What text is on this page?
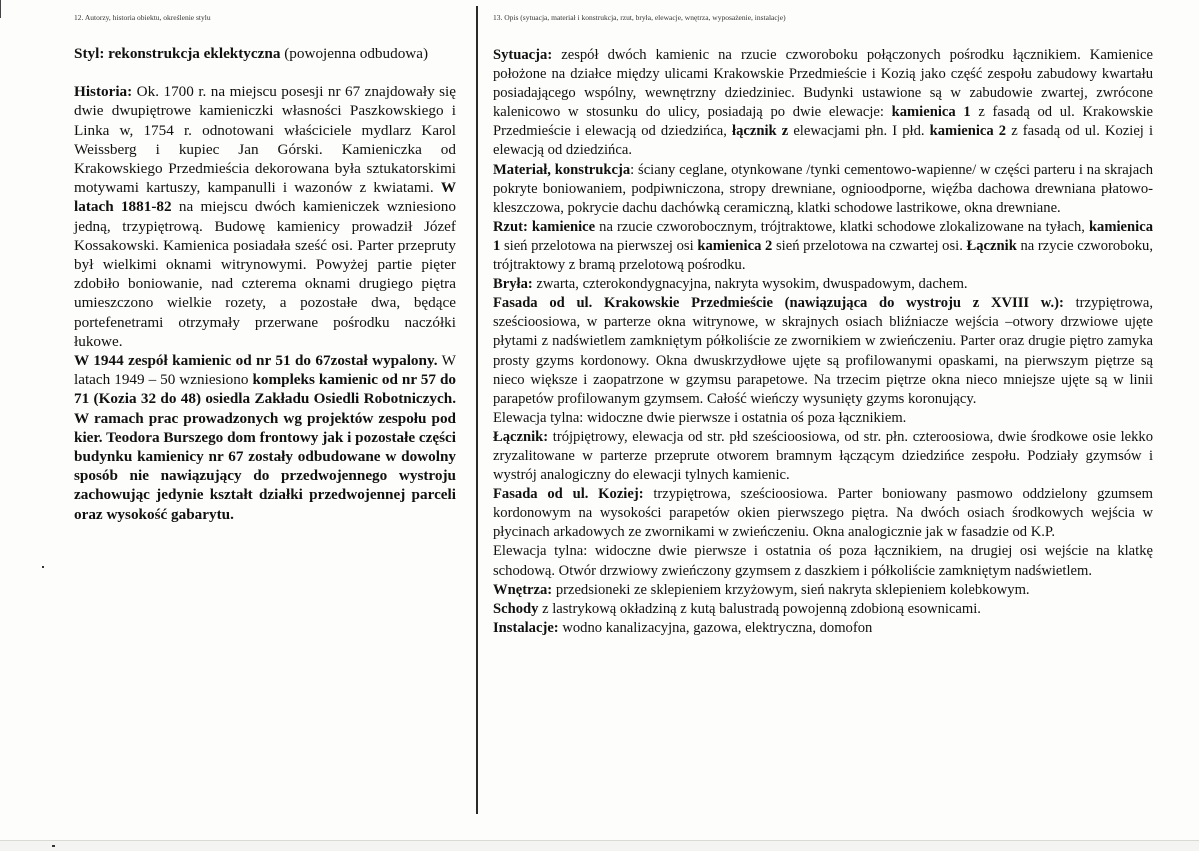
12. Autorzy, historia obiektu, określenie stylu	13. Opis (sytuacja, materiał i konstrukcja, rzut, bryła, elewacje, wnętrza, wyposażenie, instalacje)

Styl: rekonstrukcja eklektyczna (powojenna odbudowa)

Historia: Ok. 1700 r. na miejscu posesji nr 67 znajdowały się dwie dwupiętrowe kamieniczki własności Paszkowskiego i Linka w, 1754 r. odnotowani właściciele mydlarz Karol Weissberg i kupiec Jan Górski. Kamieniczka od Krakowskiego Przedmieścia dekorowana była sztukatorskimi motywami kartuszy, kampanulli i wazonów z kwiatami. W latach 1881-82 na miejscu dwóch kamieniczek wzniesiono jedną, trzypiętrową. Budowę kamienicy prowadził Józef Kossakowski. Kamienica posiadała sześć osi. Parter przepruty był wielkimi oknami witrynowymi. Powyżej partie pięter zdobiło boniowanie, nad czterema oknami drugiego piętra umieszczono wielkie rozety, a pozostałe dwa, będące portefenetrami otrzymały przerwane pośrodku naczółki łukowe.

W 1944 zespół kamienic od nr 51 do 67został wypalony. W latach 1949 – 50 wzniesiono kompleks kamienic od nr 57 do 71 (Kozia 32 do 48) osiedla Zakładu Osiedli Robotniczych. W ramach prac prowadzonych wg projektów zespołu pod kier. Teodora Burszego dom frontowy jak i pozostałe części budynku kamienicy nr 67 zostały odbudowane w dowolny sposób nie nawiązujący do przedwojennego wystroju zachowując jedynie kształt działki przedwojennej parceli oraz wysokość gabarytu.

Sytuacja: zespół dwóch kamienic na rzucie czworoboku połączonych pośrodku łącznikiem. Kamienice położone na działce między ulicami Krakowskie Przedmieście i Kozią jako część zespołu zabudowy kwartału posiadającego wspólny, wewnętrzny dziedziniec. Budynki ustawione są w zabudowie zwartej, zwrócone kalenicowo w stosunku do ulicy, posiadają po dwie elewacje: kamienica 1 z fasadą od ul. Krakowskie Przedmieście i elewacją od dziedzińca, łącznik z elewacjami płn. I płd. kamienica 2 z fasadą od ul. Koziej i elewacją od dziedzińca.

Materiał, konstrukcja: ściany ceglane, otynkowane /tynki cementowo-wapienne/ w części parteru i na skrajach pokryte boniowaniem, podpiwniczona, stropy drewniane, ognioodporne, więźba dachowa drewniana płatowo-kleszczowa, pokrycie dachu dachówką ceramiczną, klatki schodowe lastrikowe, okna drewniane.

Rzut: kamienice na rzucie czworobocznym, trójtraktowe, klatki schodowe zlokalizowane na tyłach, kamienica 1 sień przelotowa na pierwszej osi kamienica 2 sień przelotowa na czwartej osi. Łącznik na rzycie czworoboku, trójtraktowy z bramą przelotową pośrodku.

Bryła: zwarta, czterokondygnacyjna, nakryta wysokim, dwuspadowym, dachem.

Fasada od ul. Krakowskie Przedmieście (nawiązująca do wystroju z XVIII w.): trzypiętrowa, sześcioosiowa, w parterze okna witrynowe, w skrajnych osiach bliźniacze wejścia –otwory drzwiowe ujęte płytami z nadświetlem zamkniętym półkoliście ze zwornikiem w zwieńczeniu. Parter oraz drugie piętro zamyka prosty gzyms kordonowy. Okna dwuskrzydłowe ujęte są profilowanymi opaskami, na pierwszym piętrze są nieco większe i zaopatrzone w gzymsu parapetowe. Na trzecim piętrze okna nieco mniejsze ujęte są w linii parapetów profilowanym gzymsem. Całość wieńczy wysunięty gzyms koronujący.

Elewacja tylna: widoczne dwie pierwsze i ostatnia oś poza łącznikiem.

Łącznik: trójpiętrowy, elewacja od str. płd sześcioosiowa, od str. płn. czteroosiowa, dwie środkowe osie lekko zryzalitowane w parterze przeprute otworem bramnym łączącym dziedzińce zespołu. Podziały gzymsów i wystrój analogiczny do elewacji tylnych kamienic.

Fasada od ul. Koziej: trzypiętrowa, sześcioosiowa. Parter boniowany pasmowo oddzielony gzumsem kordonowym na wysokości parapetów okien pierwszego piętra. Na dwóch osiach środkowych wejścia w płycinach arkadowych ze zwornikami w zwieńczeniu. Okna analogicznie jak w fasadzie od K.P.

Elewacja tylna: widoczne dwie pierwsze i ostatnia oś poza łącznikiem, na drugiej osi wejście na klatkę schodową. Otwór drzwiowy zwieńczony gzymsem z daszkiem i półkoliście zamkniętym nadświetlem.

Wnętrza: przedsioneki ze sklepieniem krzyżowym, sień nakryta sklepieniem kolebkowym.

Schody z lastrykową okładziną z kutą balustradą powojenną zdobioną esownicami.

Instalacje: wodno kanalizacyjna, gazowa, elektryczna, domofon
